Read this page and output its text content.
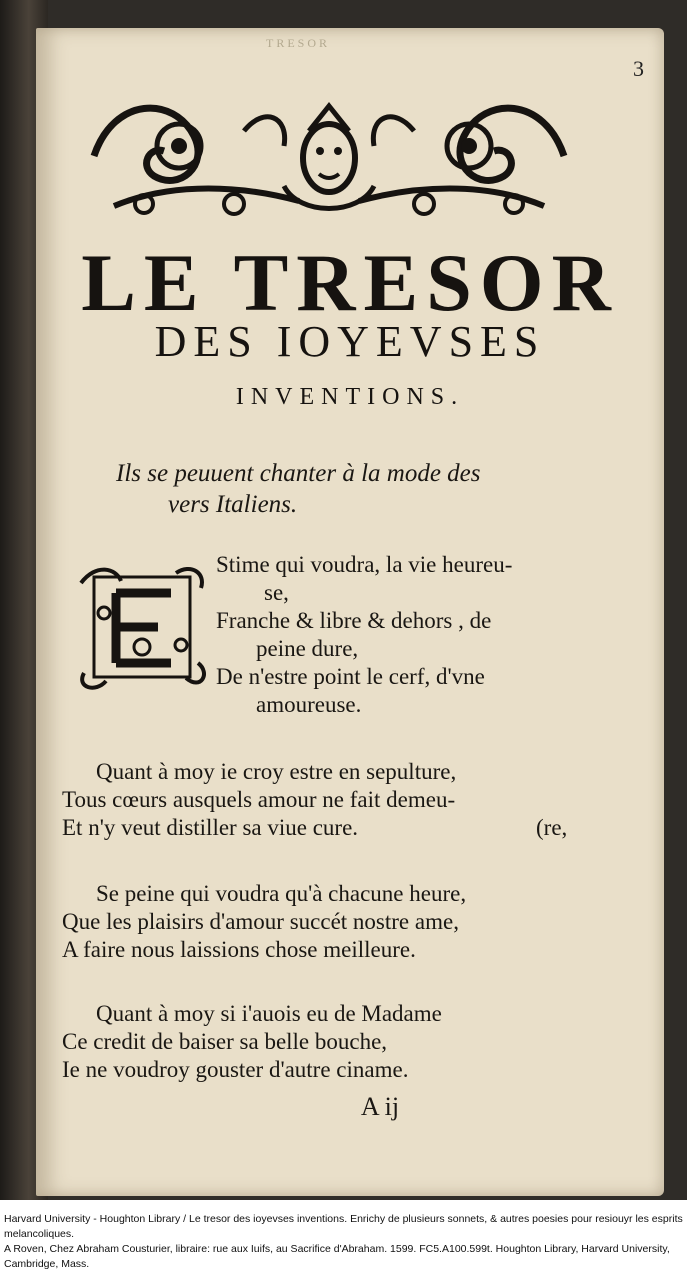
TRESOR
3
LE TRESOR
DES IOYEVSES
INVENTIONS.
Ils se peuuent chanter à la mode des
vers Italiens.
Stime qui voudra, la vie heureu-
se,
Franche & libre & dehors , de
peine dure,
De n'estre point le cerf, d'vne
amoureuse.
Quant à moy ie croy estre en sepulture,
Tous cœurs ausquels amour ne fait demeu-
Et n'y veut distiller sa viue cure.	(re,
Se peine qui voudra qu'à chacune heure,
Que les plaisirs d'amour succét nostre ame,
A faire nous laissions chose meilleure.
Quant à moy si i'auois eu de Madame
Ce credit de baiser sa belle bouche,
Ie ne voudroy gouster d'autre ciname.
A ij

Harvard University - Houghton Library / Le tresor des ioyevses inventions. Enrichy de plusieurs sonnets, & autres poesies pour resiouyr les esprits melancoliques.

A Roven, Chez Abraham Cousturier, libraire: rue aux Iuifs, au Sacrifice d'Abraham. 1599. FC5.A100.599t. Houghton Library, Harvard University, Cambridge, Mass.
